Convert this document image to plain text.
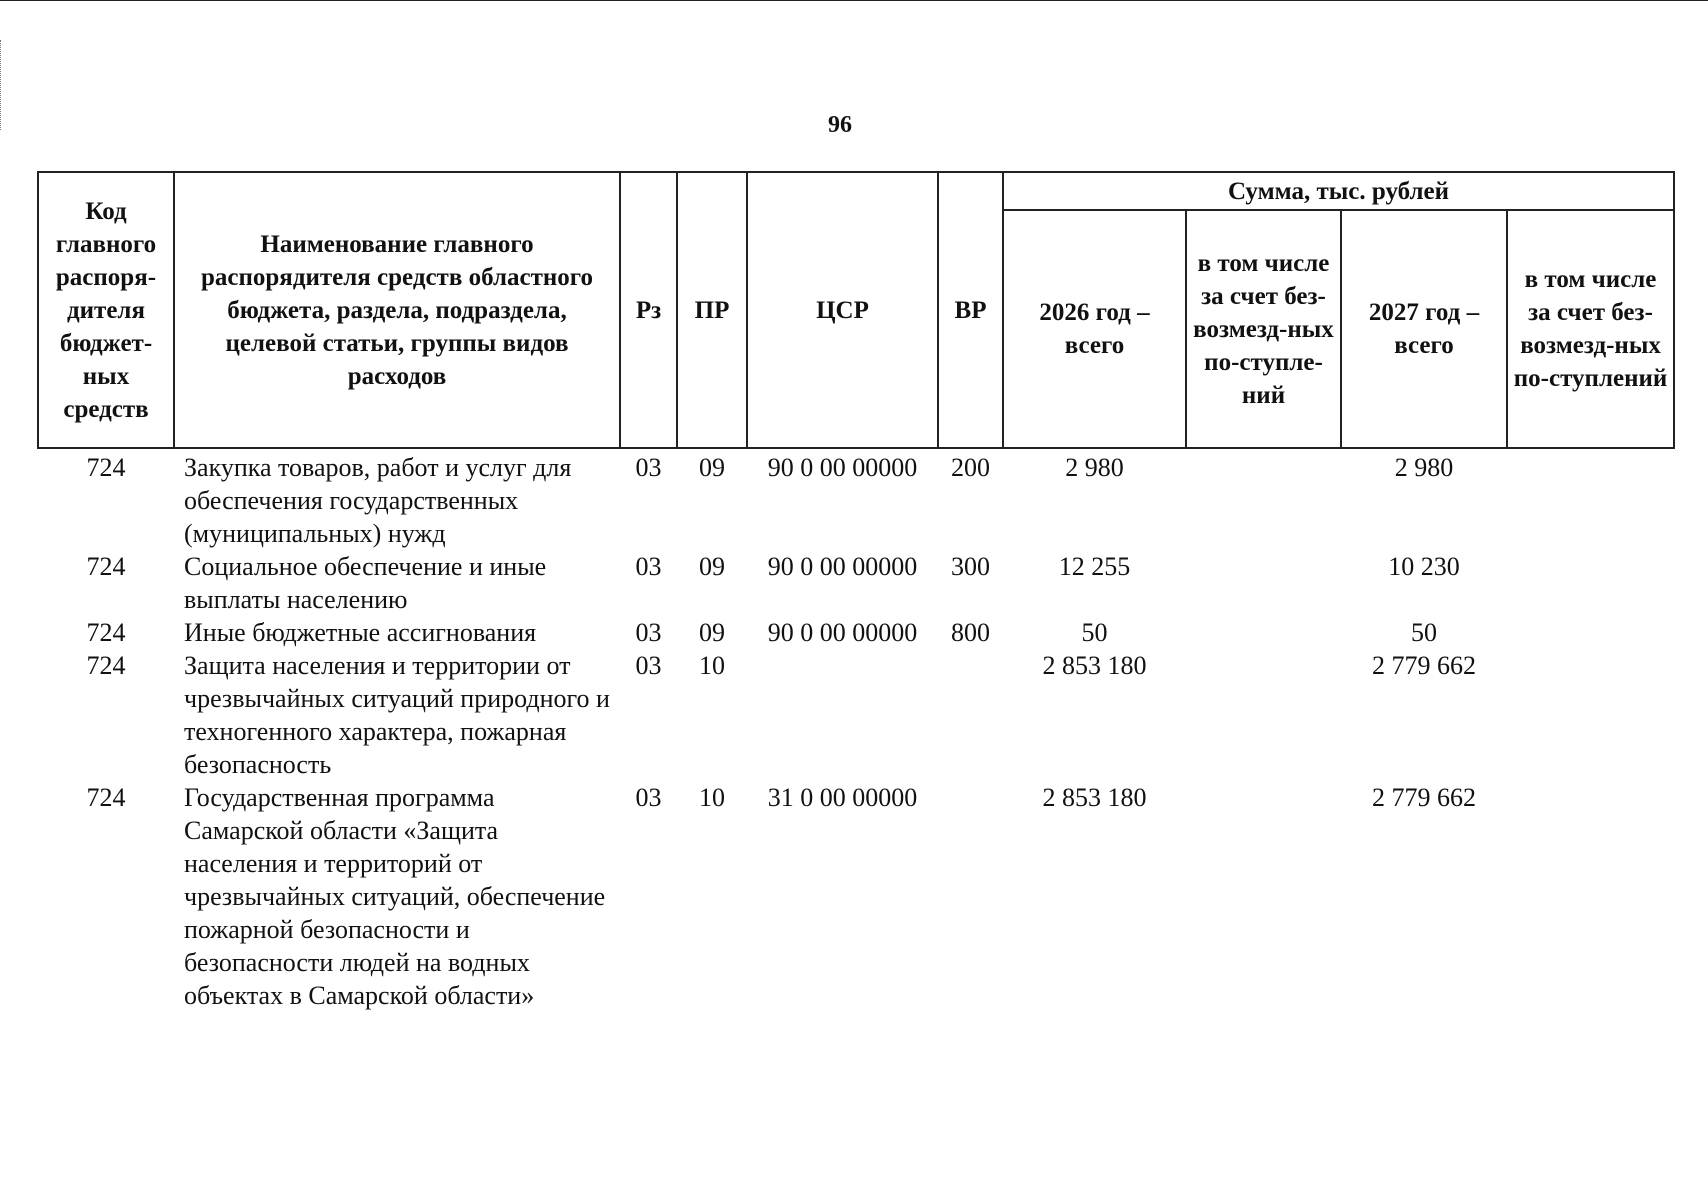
96
Код главного распоря-дителя бюджет-ных средств	Наименование главного распорядителя средств областного бюджета, раздела, подраздела, целевой статьи, группы видов расходов	Рз	ПР	ЦСР	ВР	Сумма, тыс. рублей			
						2026 год – всего	в том числе за счет без-возмезд-ных по-ступле-ний	2027 год – всего	в том числе за счет без-возмезд-ных по-ступлений
724	Закупка товаров, работ и услуг для обеспечения государственных (муниципальных) нужд	03	09	90 0 00 00000	200	2 980		2 980	
724	Социальное обеспечение и иные выплаты населению	03	09	90 0 00 00000	300	12 255		10 230	
724	Иные бюджетные ассигнования	03	09	90 0 00 00000	800	50		50	
724	Защита населения и территории от чрезвычайных ситуаций природного и техногенного характера, пожарная безопасность	03	10			2 853 180		2 779 662	
724	Государственная программа Самарской области «Защита населения и территорий от чрезвычайных ситуаций, обеспечение пожарной безопасности и безопасности людей на водных объектах в Самарской области»	03	10	31 0 00 00000		2 853 180		2 779 662	
